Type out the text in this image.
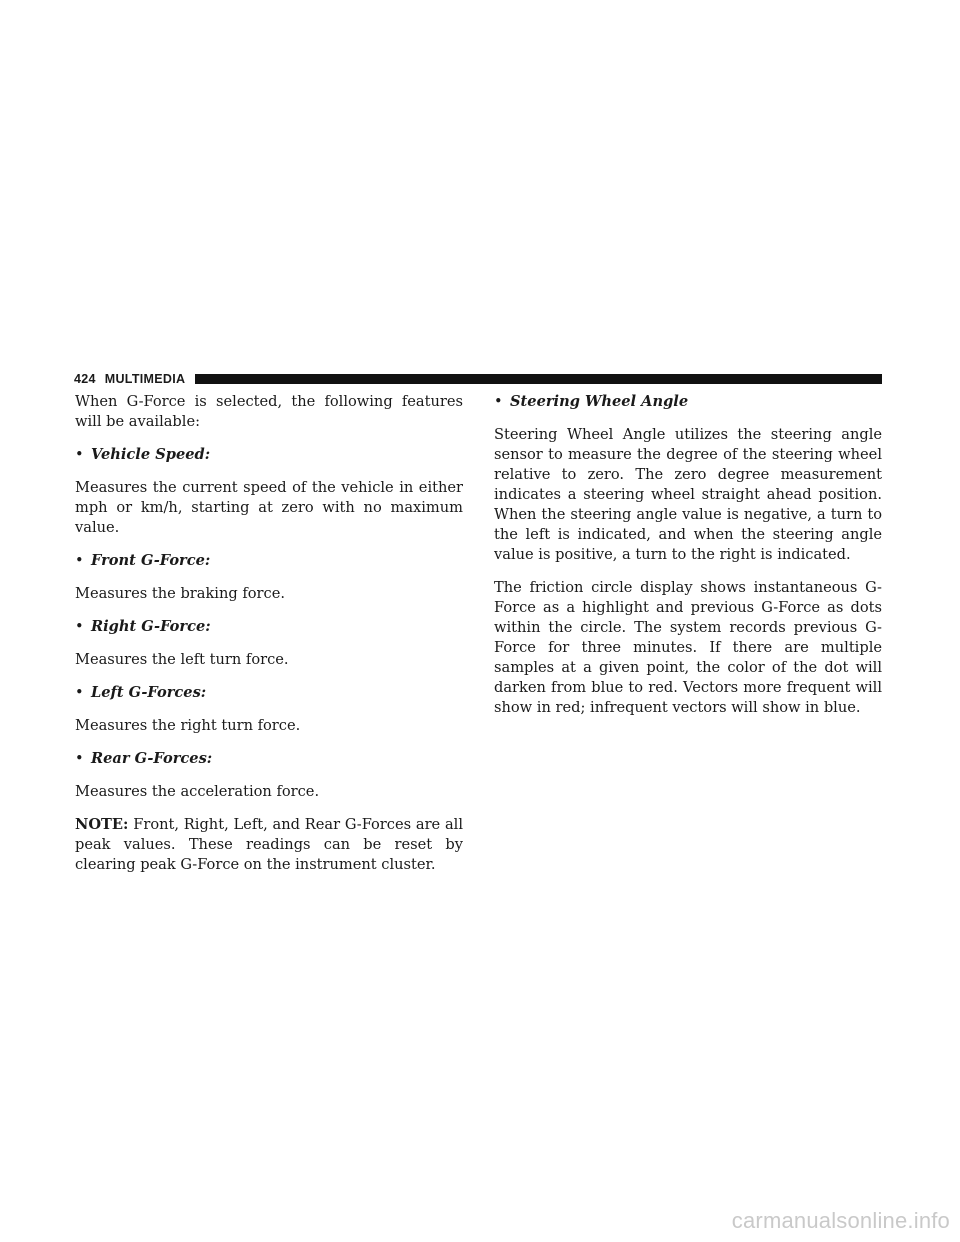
424 MULTIMEDIA

When G-Force is selected, the following features will be available:

• Vehicle Speed:

Measures the current speed of the vehicle in either mph or km/h, starting at zero with no maximum value.

• Front G-Force:

Measures the braking force.

• Right G-Force:

Measures the left turn force.

• Left G-Forces:

Measures the right turn force.

• Rear G-Forces:

Measures the acceleration force.

NOTE: Front, Right, Left, and Rear G-Forces are all peak values. These readings can be reset by clearing peak G-Force on the instrument cluster.

• Steering Wheel Angle

Steering Wheel Angle utilizes the steering angle sensor to measure the degree of the steering wheel relative to zero. The zero degree measurement indicates a steering wheel straight ahead position. When the steering angle value is negative, a turn to the left is indicated, and when the steering angle value is positive, a turn to the right is indicated.

The friction circle display shows instantaneous G-Force as a highlight and previous G-Force as dots within the circle. The system records previous G-Force for three minutes. If there are multiple samples at a given point, the color of the dot will darken from blue to red. Vectors more frequent will show in red; infrequent vectors will show in blue.

carmanualsonline.info
